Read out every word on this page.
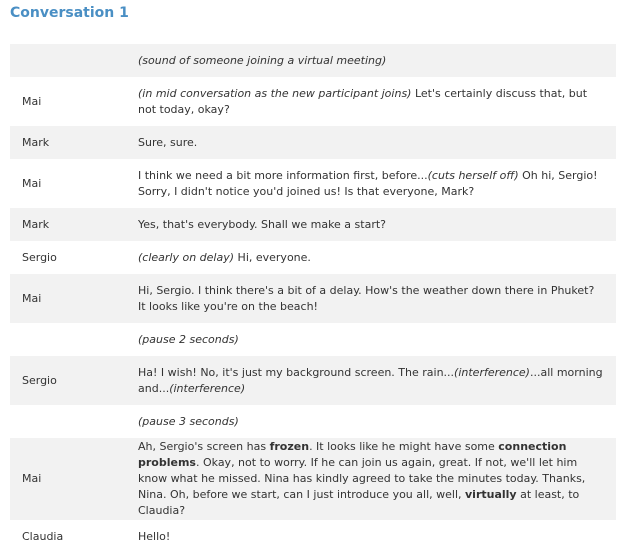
Conversation 1
	(sound of someone joining a virtual meeting)
Mai	(in mid conversation as the new participant joins) Let's certainly discuss that, but not today, okay?
Mark	Sure, sure.
Mai	I think we need a bit more information first, before...(cuts herself off) Oh hi, Sergio! Sorry, I didn't notice you'd joined us! Is that everyone, Mark?
Mark	Yes, that's everybody. Shall we make a start?
Sergio	(clearly on delay) Hi, everyone.
Mai	Hi, Sergio. I think there's a bit of a delay. How's the weather down there in Phuket? It looks like you're on the beach!
	(pause 2 seconds)
Sergio	Ha! I wish! No, it's just my background screen. The rain...(interference)...all morning and...(interference)
	(pause 3 seconds)
Mai	Ah, Sergio's screen has frozen. It looks like he might have some connection problems. Okay, not to worry. If he can join us again, great. If not, we'll let him know what he missed. Nina has kindly agreed to take the minutes today. Thanks, Nina. Oh, before we start, can I just introduce you all, well, virtually at least, to Claudia?
Claudia	Hello!
